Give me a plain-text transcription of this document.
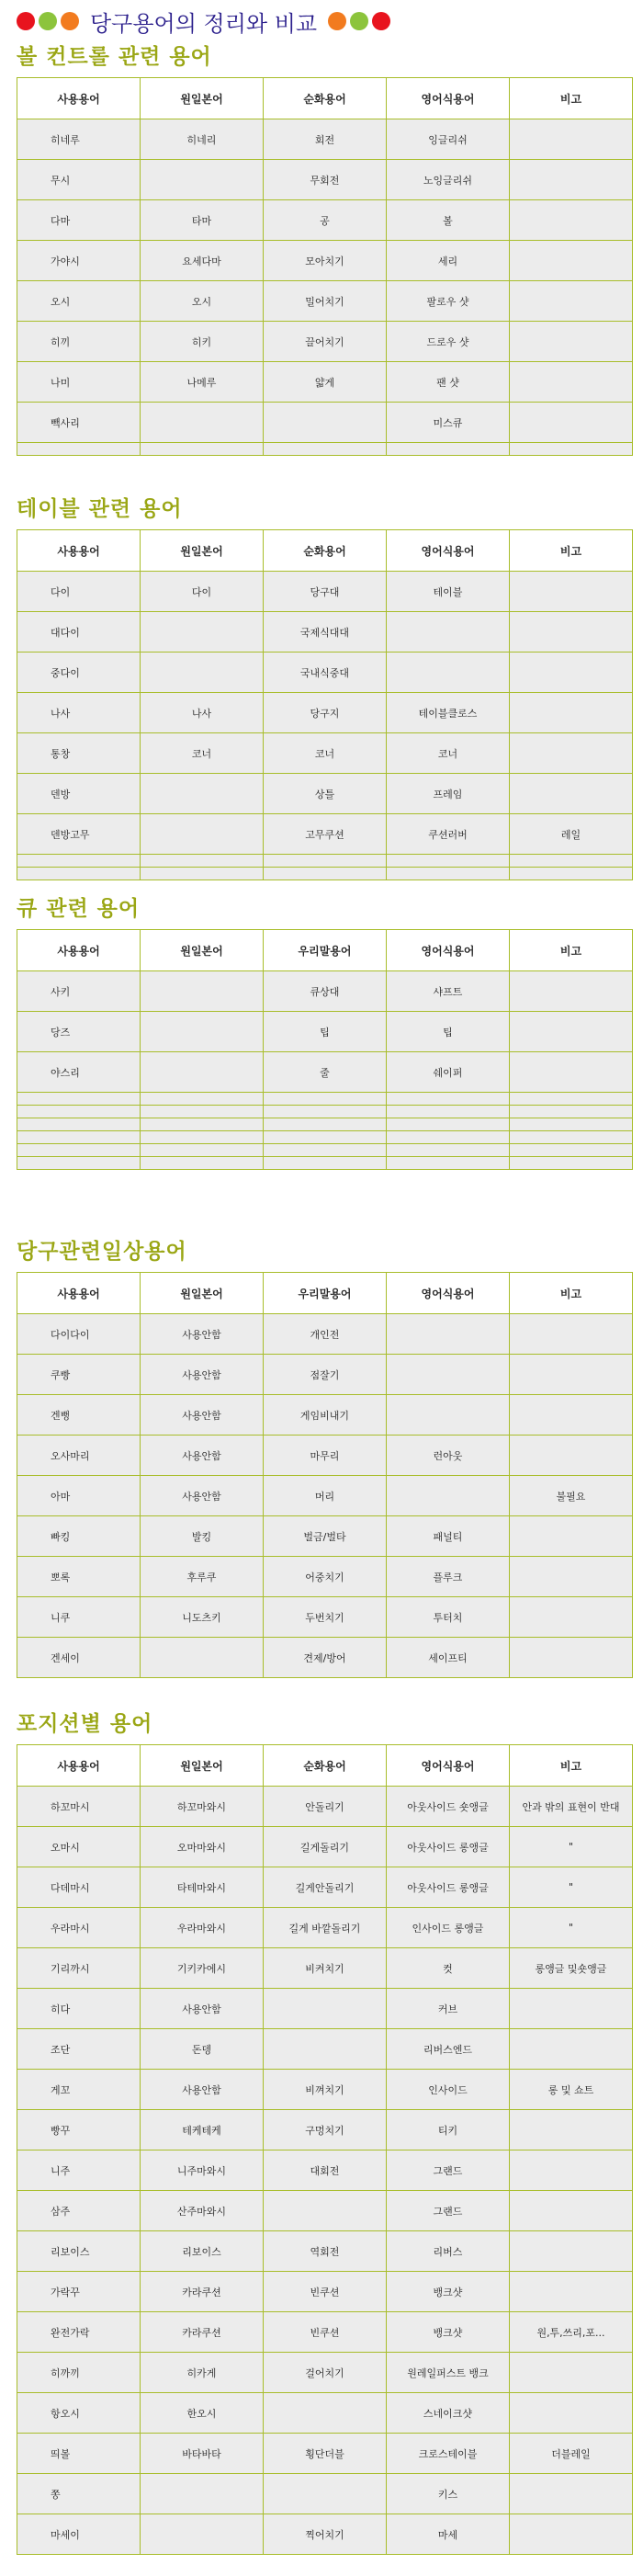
당구용어의 정리와 비교
볼 컨트롤 관련 용어
사용용어	원일본어	순화용어	영어식용어	비고
히네루	히네리	회전	잉글리쉬	
무시		무회전	노잉글리쉬	
다마	타마	공	볼	
가야시	요세다마	모아치기	세리	
오시	오시	밀어치기	팔로우 샷	
히끼	히키	끌어치기	드로우 샷	
나미	나메루	얇게	팬 샷	
빽사리			미스큐	

테이블 관련 용어
사용용어	원일본어	순화용어	영어식용어	비고
다이	다이	당구대	테이블	
대다이		국제식대대		
중다이		국내식중대		
나사	나사	당구지	테이블클로스	
통창	코너	코너	코너	
덴방		상틀	프레임	
덴방고무		고무쿠션	쿠션러버	레일

큐 관련 용어
사용용어	원일본어	우리말용어	영어식용어	비고
사키		큐상대	샤프트	
당즈		팁	팁	
야스리		줄	쉐이퍼	

당구관련일상용어
사용용어	원일본어	우리말용어	영어식용어	비고
다이다이	사용안함	개인전		
쿠빵	사용안함	점잘기		
겐뻥	사용안함	게임비내기		
오사마리	사용안함	마무리	런아웃	
아마	사용안함	머리		불필요
빠킹	발킹	벌금/벌타	패널티	
뽀록	후루쿠	어중치기	플루크	
니쿠	니도츠키	두번치기	투터치	
겐세이		견제/방어	세이프티	
포지션별 용어
사용용어	원일본어	순화용어	영어식용어	비고
하꼬마시	하꼬마와시	안돌리기	아웃사이드 숏앵글	안과 밖의 표현이 반대
오마시	오마마와시	길게돌리기	아웃사이드 롱앵글	"
다데마시	타테마와시	길게안돌리기	아웃사이드 롱앵글	"
우라마시	우라마와시	길게 바깥돌리기	인사이드 롱앵글	"
기리까시	기키카에시	비켜치기	컷	롱앵글 및숏앵글
히다	사용안함		커브	
조단	돈뎅		리버스엔드	
게꼬	사용안함	비껴치기	인사이드	롱 및 쇼트
빵꾸	테케테케	구멍치기	티키	
니주	니주마와시	대회전	그랜드	
삼주	산주마와시		그랜드	
리보이스	리보이스	역회전	리버스	
가락꾸	카라쿠션	빈쿠션	뱅크샷	
완전가락	카라쿠션	빈쿠션	뱅크샷	원,투,쓰리,포...
히까끼	히카게	걸어치기	원레일퍼스트 뱅크	
항오시	한오시		스네이크샷	
띄볼	바타바타	횡단더블	크로스테이블	더블레일
쫑			키스	
마세이		찍어치기	마세	
